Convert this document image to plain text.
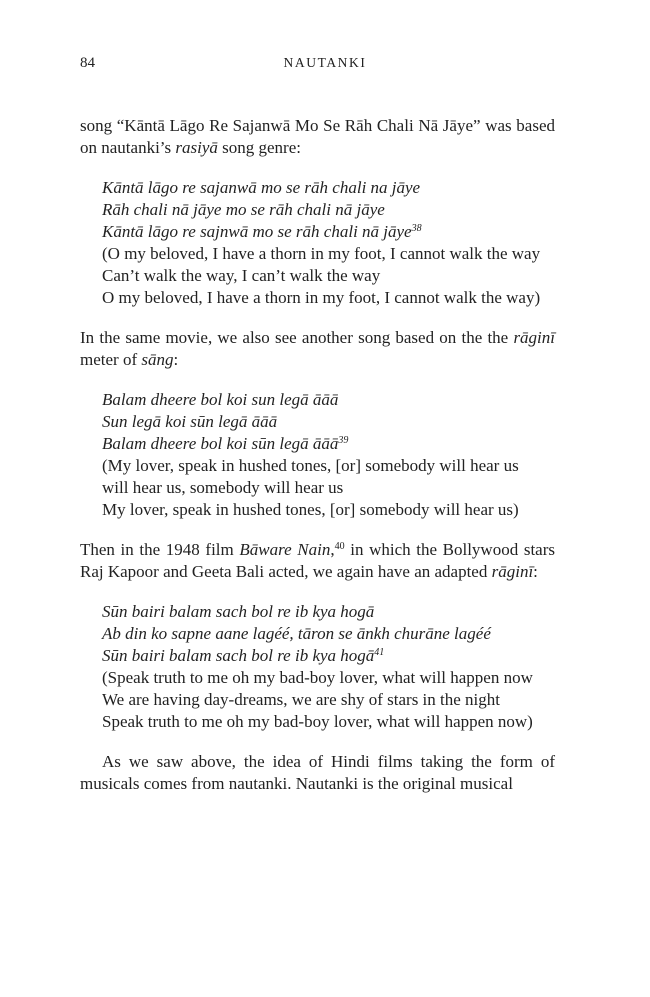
84	NAUTANKI

song “Kāntā Lāgo Re Sajanwā Mo Se Rāh Chali Nā Jāye” was based on nautanki’s rasiyā song genre:

Kāntā lāgo re sajanwā mo se rāh chali na jāye
Rāh chali nā jāye mo se rāh chali nā jāye
Kāntā lāgo re sajnwā mo se rāh chali nā jāye$^{38}$
(O my beloved, I have a thorn in my foot, I cannot walk the way
Can’t walk the way, I can’t walk the way
O my beloved, I have a thorn in my foot, I cannot walk the way)

In the same movie, we also see another song based on the the rāginī meter of sāng:

Balam dheere bol koi sun legā āāā
Sun legā koi sūn legā āāā
Balam dheere bol koi sūn legā āāā$^{39}$
(My lover, speak in hushed tones, [or] somebody will hear us
will hear us, somebody will hear us
My lover, speak in hushed tones, [or] somebody will hear us)

Then in the 1948 film Bāware Nain,$^{40}$ in which the Bollywood stars Raj Kapoor and Geeta Bali acted, we again have an adapted rāginī:

Sūn bairi balam sach bol re ib kya hogā
Ab din ko sapne aane lagéé, tāron se ānkh churāne lagéé
Sūn bairi balam sach bol re ib kya hogā$^{41}$
(Speak truth to me oh my bad-boy lover, what will happen now
We are having day-dreams, we are shy of stars in the night
Speak truth to me oh my bad-boy lover, what will happen now)

As we saw above, the idea of Hindi films taking the form of musicals comes from nautanki. Nautanki is the original musical
